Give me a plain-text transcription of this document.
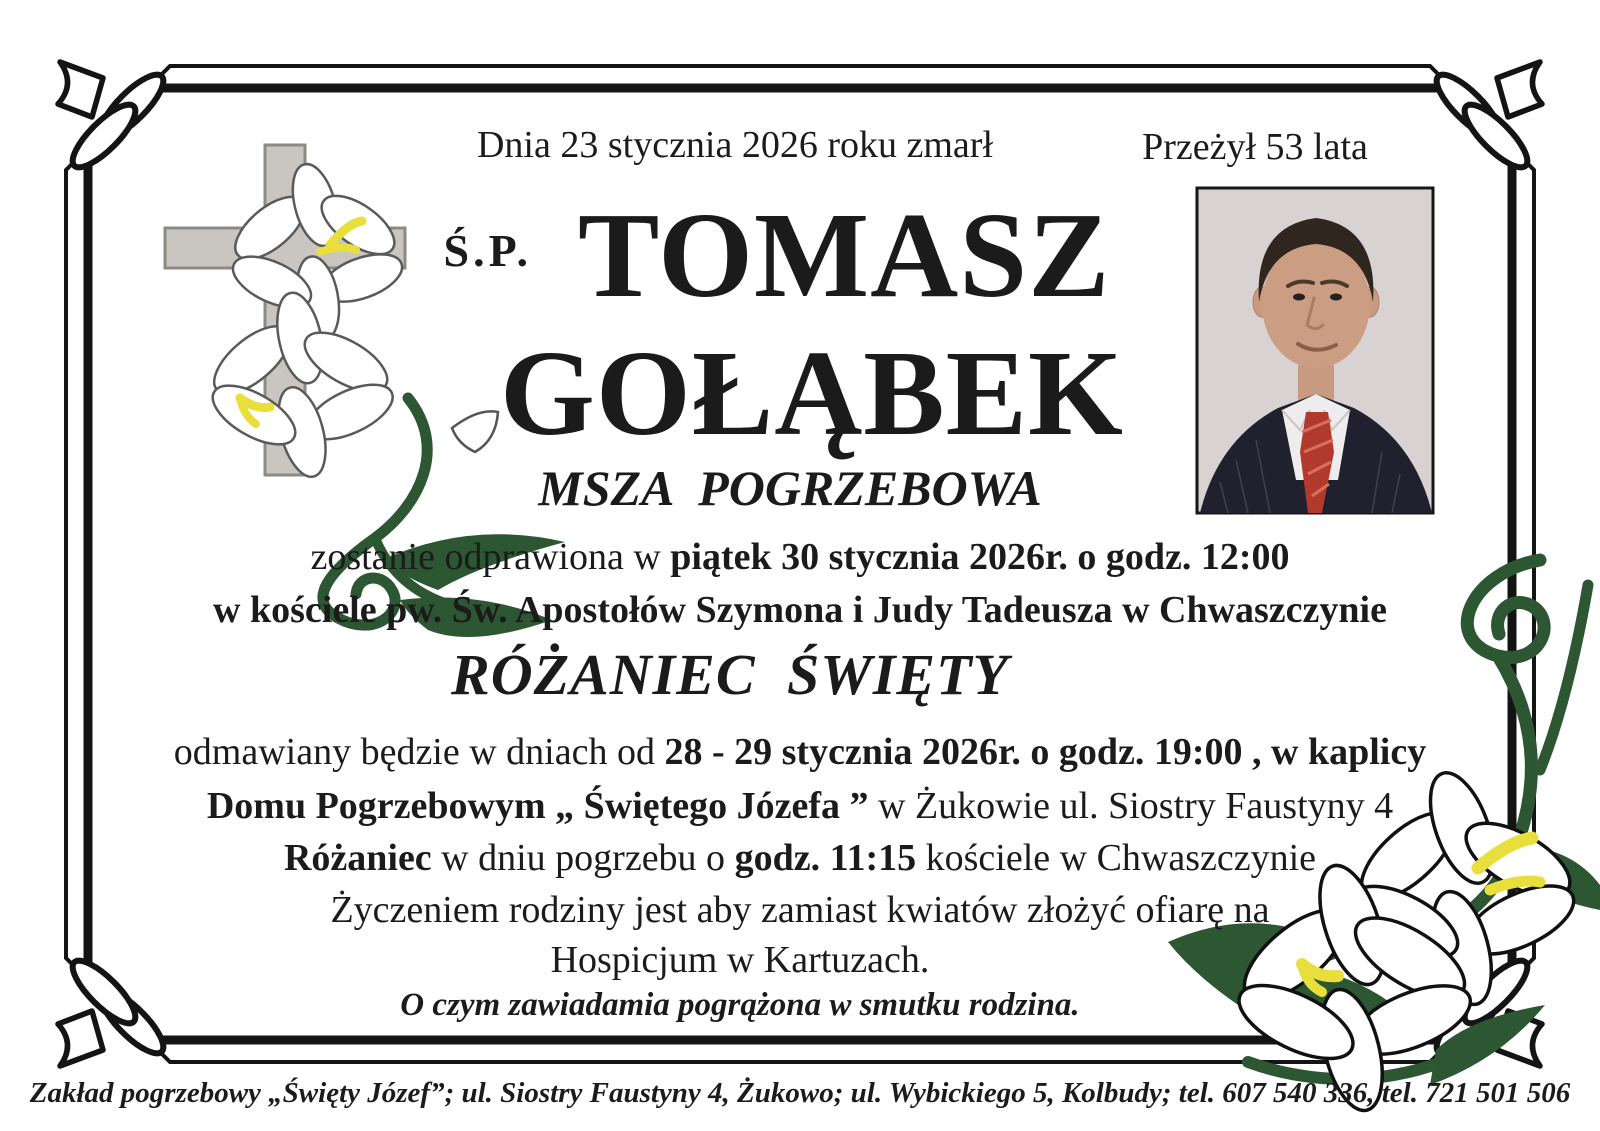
Dnia 23 stycznia 2026 roku zmarł	Przeżył 53 lata
Ś.P. TOMASZ
GOŁĄBEK
MSZA POGRZEBOWA
zostanie odprawiona w piątek 30 stycznia 2026r. o godz. 12:00
w kościele pw. Św. Apostołów Szymona i Judy Tadeusza w Chwaszczynie
RÓŻANIEC ŚWIĘTY
odmawiany będzie w dniach od 28 - 29 stycznia 2026r. o godz. 19:00 , w kaplicy
Domu Pogrzebowym „ Świętego Józefa ” w Żukowie ul. Siostry Faustyny 4
Różaniec w dniu pogrzebu o godz. 11:15 kościele w Chwaszczynie
Życzeniem rodziny jest aby zamiast kwiatów złożyć ofiarę na
Hospicjum w Kartuzach.
O czym zawiadamia pogrążona w smutku rodzina.
Zakład pogrzebowy „Święty Józef”; ul. Siostry Faustyny 4, Żukowo; ul. Wybickiego 5, Kolbudy; tel. 607 540 336, tel. 721 501 506
